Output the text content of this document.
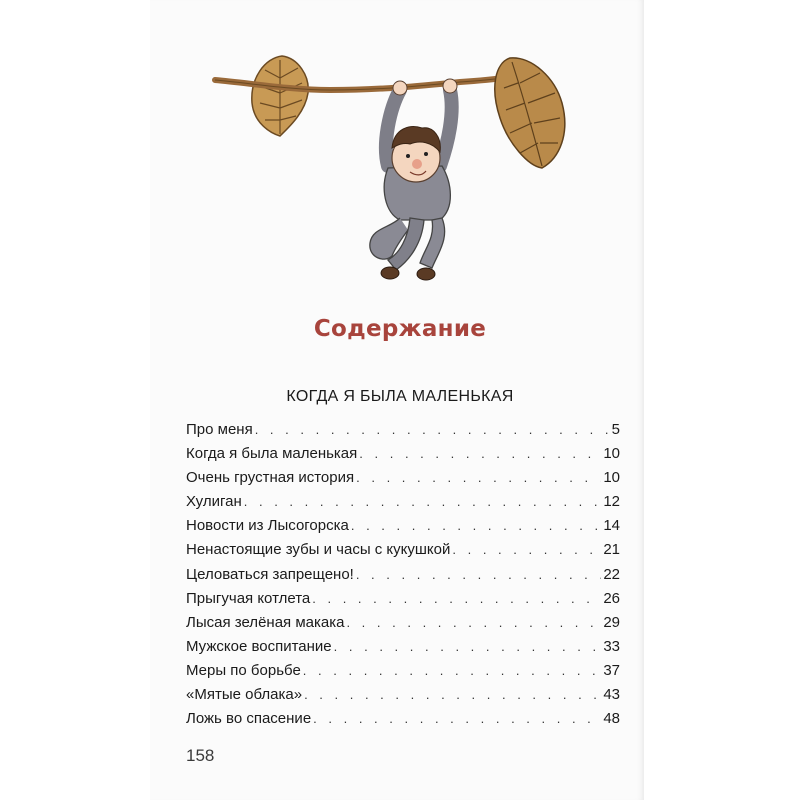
Содержание
КОГДА Я БЫЛА МАЛЕНЬКАЯ
Про меня . . .	5
Когда я была маленькая . . .	10
Очень грустная история . . .	10
Хулиган . . .	12
Новости из Лысогорска . . .	14
Ненастоящие зубы и часы с кукушкой . . .	21
Целоваться запрещено! . . .	22
Прыгучая котлета . . .	26
Лысая зелёная макака . . .	29
Мужское воспитание . . .	33
Меры по борьбе . . .	37
«Мятые облака» . . .	43
Ложь во спасение . . .	48
158
